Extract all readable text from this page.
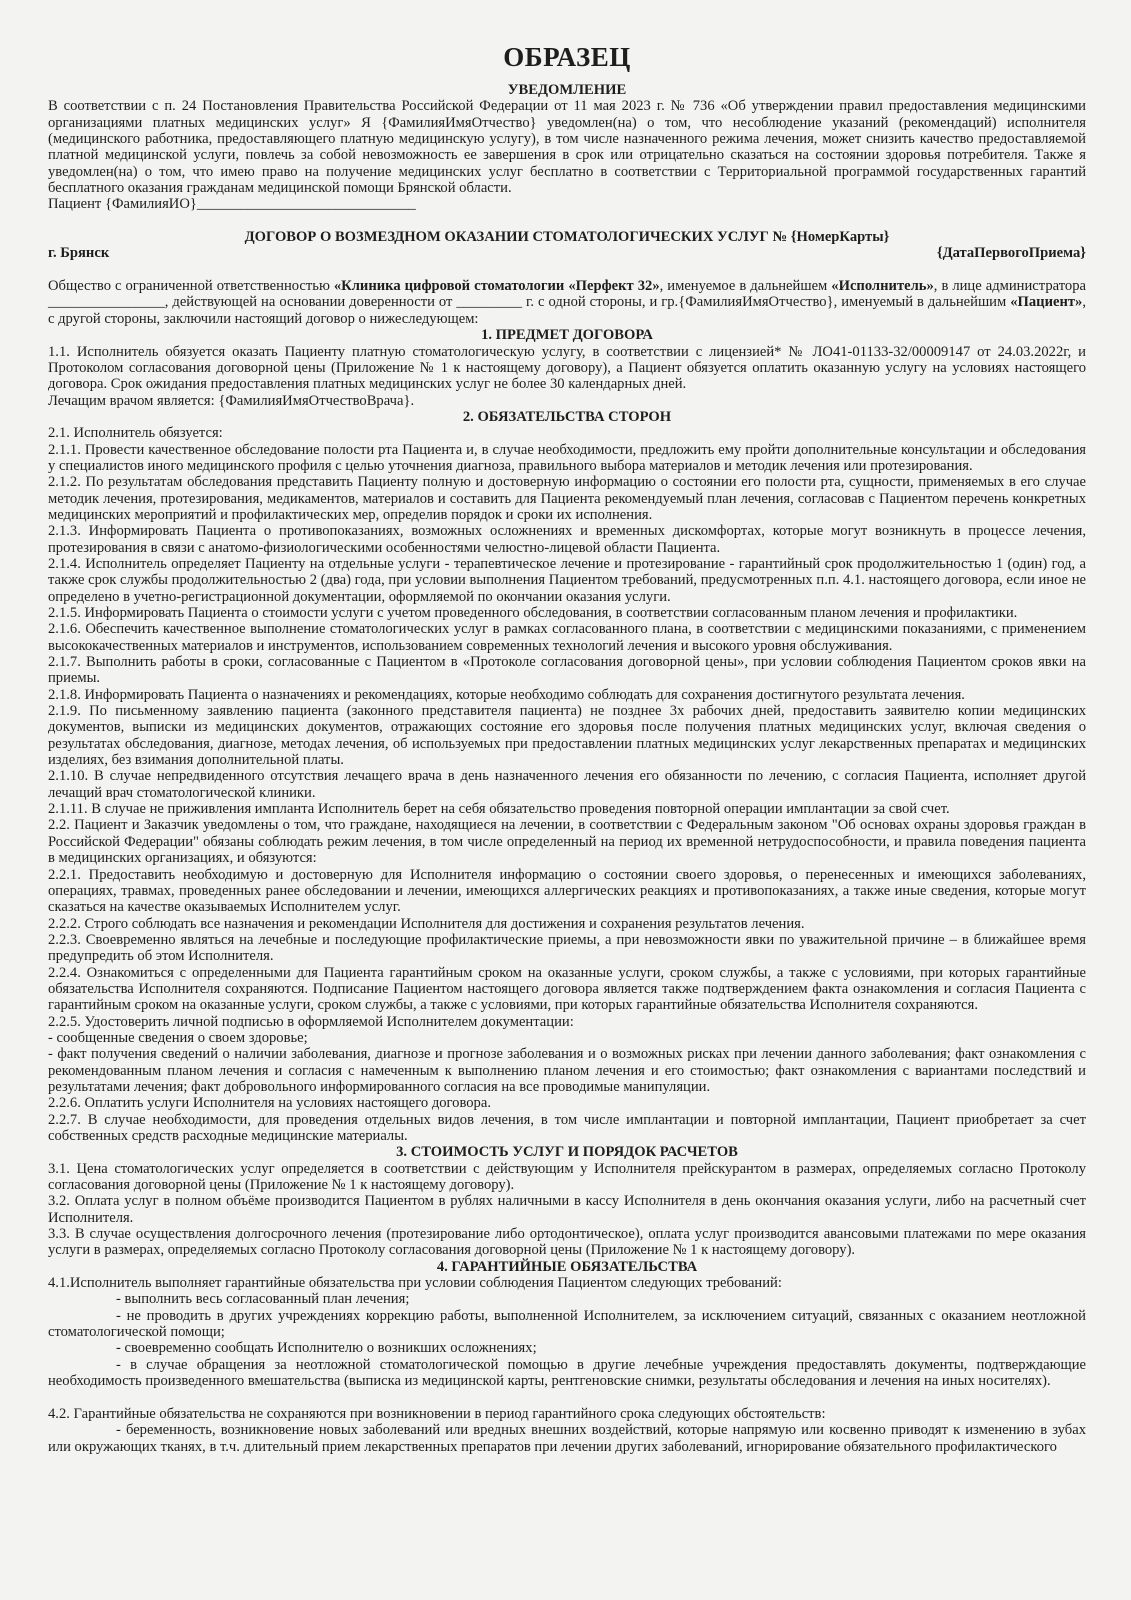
ОБРАЗЕЦ
УВЕДОМЛЕНИЕ
В соответствии с п. 24 Постановления Правительства Российской Федерации от 11 мая 2023 г. № 736 «Об утверждении правил предоставления медицинскими организациями платных медицинских услуг» Я {ФамилияИмяОтчество} уведомлен(на) о том, что несоблюдение указаний (рекомендаций) исполнителя (медицинского работника, предоставляющего платную медицинскую услугу), в том числе назначенного режима лечения, может снизить качество предоставляемой платной медицинской услуги, повлечь за собой невозможность ее завершения в срок или отрицательно сказаться на состоянии здоровья потребителя. Также я уведомлен(на) о том, что имею право на получение медицинских услуг бесплатно в соответствии с Территориальной программой государственных гарантий бесплатного оказания гражданам медицинской помощи Брянской области.
Пациент {ФамилияИО}______________________________
ДОГОВОР О ВОЗМЕЗДНОМ ОКАЗАНИИ СТОМАТОЛОГИЧЕСКИХ УСЛУГ № {НомерКарты}
г. Брянск	{ДатаПервогоПриема}
Общество с ограниченной ответственностью «Клиника цифровой стоматологии «Перфект 32», именуемое в дальнейшем «Исполнитель», в лице администратора ________________, действующей на основании доверенности от _________ г. с одной стороны, и гр.{ФамилияИмяОтчество}, именуемый в дальнейшим «Пациент», с другой стороны, заключили настоящий договор о нижеследующем:
1. ПРЕДМЕТ ДОГОВОРА
1.1. Исполнитель обязуется оказать Пациенту платную стоматологическую услугу, в соответствии с лицензией* № ЛО41-01133-32/00009147 от 24.03.2022г, и Протоколом согласования договорной цены (Приложение № 1 к настоящему договору), а Пациент обязуется оплатить оказанную услугу на условиях настоящего договора. Срок ожидания предоставления платных медицинских услуг не более 30 календарных дней.
Лечащим врачом является: {ФамилияИмяОтчествоВрача}.
2. ОБЯЗАТЕЛЬСТВА СТОРОН
2.1. Исполнитель обязуется:
2.1.1. Провести качественное обследование полости рта Пациента и, в случае необходимости, предложить ему пройти дополнительные консультации и обследования у специалистов иного медицинского профиля с целью уточнения диагноза, правильного выбора материалов и методик лечения или протезирования.
2.1.2. По результатам обследования представить Пациенту полную и достоверную информацию о состоянии его полости рта, сущности, применяемых в его случае методик лечения, протезирования, медикаментов, материалов и составить для Пациента рекомендуемый план лечения, согласовав с Пациентом перечень конкретных медицинских мероприятий и профилактических мер, определив порядок и сроки их исполнения.
2.1.3. Информировать Пациента о противопоказаниях, возможных осложнениях и временных дискомфортах, которые могут возникнуть в процессе лечения, протезирования в связи с анатомо-физиологическими особенностями челюстно-лицевой области Пациента.
2.1.4. Исполнитель определяет Пациенту на отдельные услуги - терапевтическое лечение и протезирование - гарантийный срок продолжительностью 1 (один) год, а также срок службы продолжительностью 2 (два) года, при условии выполнения Пациентом требований, предусмотренных п.п. 4.1. настоящего договора, если иное не определено в учетно-регистрационной документации, оформляемой по окончании оказания услуги.
2.1.5. Информировать Пациента о стоимости услуги с учетом проведенного обследования, в соответствии согласованным планом лечения и профилактики.
2.1.6. Обеспечить качественное выполнение стоматологических услуг в рамках согласованного плана, в соответствии с медицинскими показаниями, с применением высококачественных материалов и инструментов, использованием современных технологий лечения и высокого уровня обслуживания.
2.1.7. Выполнить работы в сроки, согласованные с Пациентом в «Протоколе согласования договорной цены», при условии соблюдения Пациентом сроков явки на приемы.
2.1.8. Информировать Пациента о назначениях и рекомендациях, которые необходимо соблюдать для сохранения достигнутого результата лечения.
2.1.9. По письменному заявлению пациента (законного представителя пациента) не позднее 3х рабочих дней, предоставить заявителю копии медицинских документов, выписки из медицинских документов, отражающих состояние его здоровья после получения платных медицинских услуг, включая сведения о результатах обследования, диагнозе, методах лечения, об используемых при предоставлении платных медицинских услуг лекарственных препаратах и медицинских изделиях, без взимания дополнительной платы.
2.1.10. В случае непредвиденного отсутствия лечащего врача в день назначенного лечения его обязанности по лечению, с согласия Пациента, исполняет другой лечащий врач стоматологической клиники.
2.1.11. В случае не приживления импланта Исполнитель берет на себя обязательство проведения повторной операции имплантации за свой счет.
2.2. Пациент и Заказчик уведомлены о том, что граждане, находящиеся на лечении, в соответствии с Федеральным законом "Об основах охраны здоровья граждан в Российской Федерации" обязаны соблюдать режим лечения, в том числе определенный на период их временной нетрудоспособности, и правила поведения пациента в медицинских организациях, и обязуются:
2.2.1. Предоставить необходимую и достоверную для Исполнителя информацию о состоянии своего здоровья, о перенесенных и имеющихся заболеваниях, операциях, травмах, проведенных ранее обследовании и лечении, имеющихся аллергических реакциях и противопоказаниях, а также иные сведения, которые могут сказаться на качестве оказываемых Исполнителем услуг.
2.2.2. Строго соблюдать все назначения и рекомендации Исполнителя для достижения и сохранения результатов лечения.
2.2.3. Своевременно являться на лечебные и последующие профилактические приемы, а при невозможности явки по уважительной причине – в ближайшее время предупредить об этом Исполнителя.
2.2.4. Ознакомиться с определенными для Пациента гарантийным сроком на оказанные услуги, сроком службы, а также с условиями, при которых гарантийные обязательства Исполнителя сохраняются. Подписание Пациентом настоящего договора является также подтверждением факта ознакомления и согласия Пациента с гарантийным сроком на оказанные услуги, сроком службы, а также с условиями, при которых гарантийные обязательства Исполнителя сохраняются.
2.2.5. Удостоверить личной подписью в оформляемой Исполнителем документации:
- сообщенные сведения о своем здоровье;
- факт получения сведений о наличии заболевания, диагнозе и прогнозе заболевания и о возможных рисках при лечении данного заболевания; факт ознакомления с рекомендованным планом лечения и согласия с намеченным к выполнению планом лечения и его стоимостью; факт ознакомления с вариантами последствий и результатами лечения; факт добровольного информированного согласия на все проводимые манипуляции.
2.2.6. Оплатить услуги Исполнителя на условиях настоящего договора.
2.2.7. В случае необходимости, для проведения отдельных видов лечения, в том числе имплантации и повторной имплантации, Пациент приобретает за счет собственных средств расходные медицинские материалы.
3. СТОИМОСТЬ УСЛУГ И ПОРЯДОК РАСЧЕТОВ
3.1. Цена стоматологических услуг определяется в соответствии с действующим у Исполнителя прейскурантом в размерах, определяемых согласно Протоколу согласования договорной цены (Приложение № 1 к настоящему договору).
3.2. Оплата услуг в полном объёме производится Пациентом в рублях наличными в кассу Исполнителя в день окончания оказания услуги, либо на расчетный счет Исполнителя.
3.3. В случае осуществления долгосрочного лечения (протезирование либо ортодонтическое), оплата услуг производится авансовыми платежами по мере оказания услуги в размерах, определяемых согласно Протоколу согласования договорной цены (Приложение № 1 к настоящему договору).
4. ГАРАНТИЙНЫЕ ОБЯЗАТЕЛЬСТВА
4.1.Исполнитель выполняет гарантийные обязательства при условии соблюдения Пациентом следующих требований:
- выполнить весь согласованный план лечения;
- не проводить в других учреждениях коррекцию работы, выполненной Исполнителем, за исключением ситуаций, связанных с оказанием неотложной стоматологической помощи;
- своевременно сообщать Исполнителю о возникших осложнениях;
- в случае обращения за неотложной стоматологической помощью в другие лечебные учреждения предоставлять документы, подтверждающие необходимость произведенного вмешательства (выписка из медицинской карты, рентгеновские снимки, результаты обследования и лечения на иных носителях).
4.2. Гарантийные обязательства не сохраняются при возникновении в период гарантийного срока следующих обстоятельств:
- беременность, возникновение новых заболеваний или вредных внешних воздействий, которые напрямую или косвенно приводят к изменению в зубах или окружающих тканях, в т.ч. длительный прием лекарственных препаратов при лечении других заболеваний, игнорирование обязательного профилактического
